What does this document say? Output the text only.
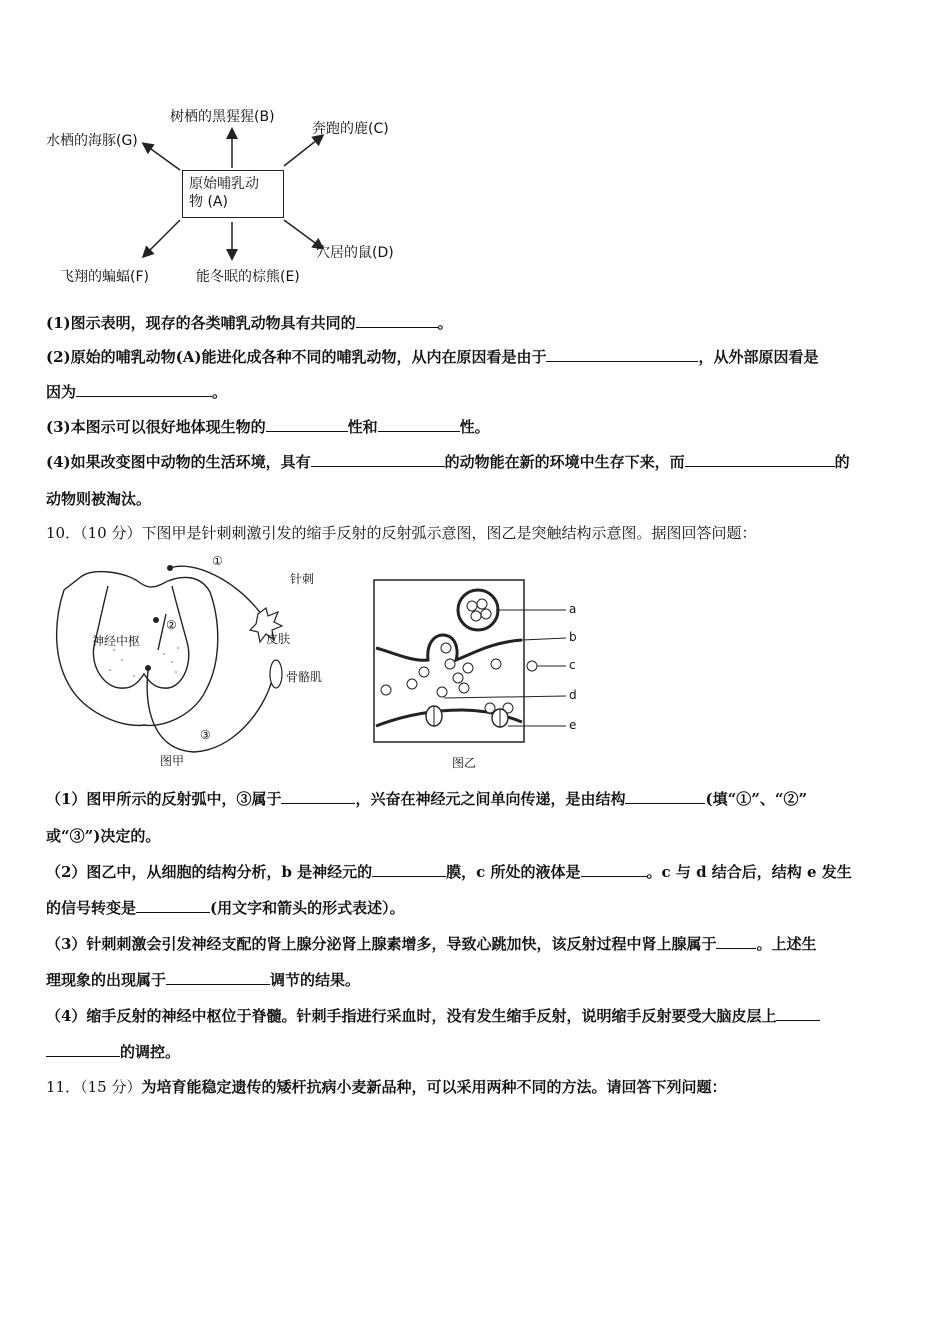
树栖的黑猩猩(B)
奔跑的鹿(C)
水栖的海豚(G)
原始哺乳动
物 (A)
穴居的鼠(D)
飞翔的蝙蝠(F)	能冬眠的棕熊(E)
(1)图示表明，现存的各类哺乳动物具有共同的	。
(2)原始的哺乳动物(A)能进化成各种不同的哺乳动物，从内在原因看是由于	，从外部原因看是
因为	。
(3)本图示可以很好地体现生物的	性和	性。
(4)如果改变图中动物的生活环境，具有	的动物能在新的环境中生存下来，而	的
动物则被淘汰。
10．（10 分）下图甲是针刺刺激引发的缩手反射的反射弧示意图，图乙是突触结构示意图。据图回答问题：
①
②
神经中枢
针刺
皮肤
骨骼肌
③
图甲
a
b
c
d
e
图乙
（1）图甲所示的反射弧中，③属于	，兴奋在神经元之间单向传递，是由结构	(填“①”、“②”
或“③”)决定的。
（2）图乙中，从细胞的结构分析，b 是神经元的	膜，c 所处的液体是	。c 与 d 结合后，结构 e 发生
的信号转变是	(用文字和箭头的形式表述）。
（3）针刺刺激会引发神经支配的肾上腺分泌肾上腺素增多，导致心跳加快，该反射过程中肾上腺属于	。上述生
理现象的出现属于	调节的结果。
（4）缩手反射的神经中枢位于脊髓。针刺手指进行采血时，没有发生缩手反射，说明缩手反射要受大脑皮层上
的调控。
11．（15 分）为培育能稳定遗传的矮杆抗病小麦新品种，可以采用两种不同的方法。请回答下列问题：
